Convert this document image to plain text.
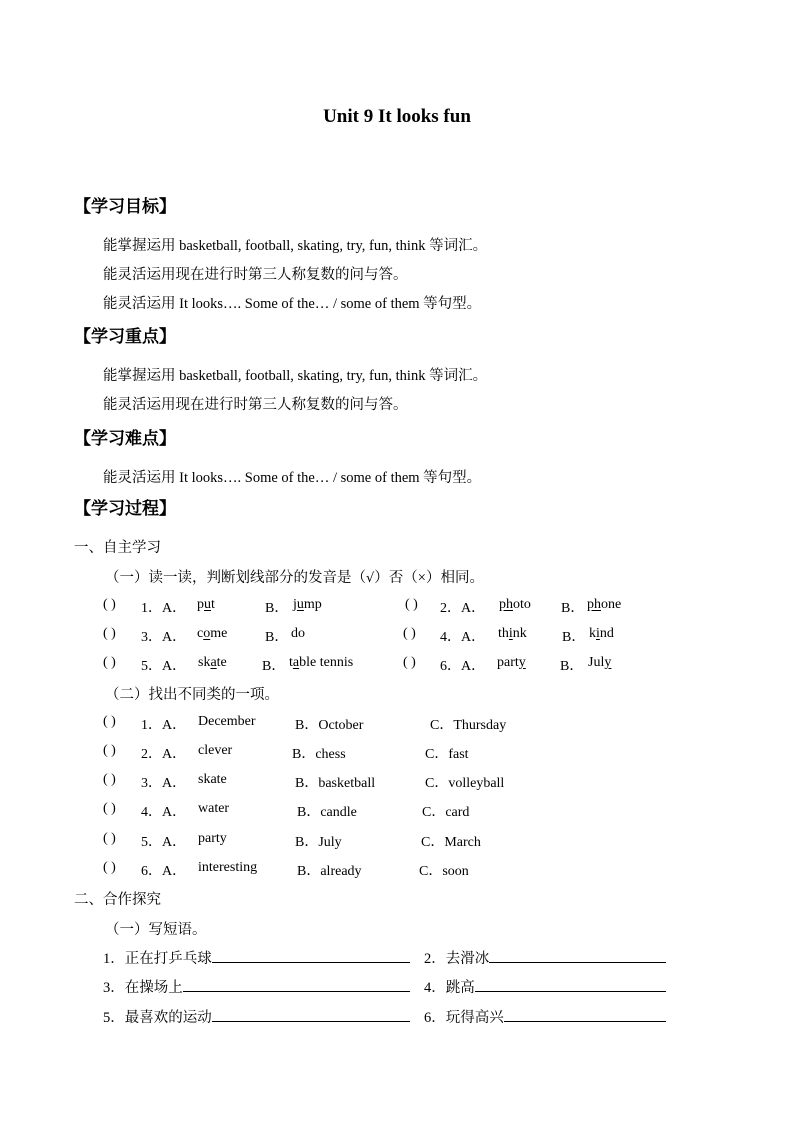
Unit 9 It looks fun
【学习目标】
能掌握运用 basketball, football, skating, try, fun, think 等词汇。
能灵活运用现在进行时第三人称复数的问与答。
能灵活运用 It looks…. Some of the… / some of them 等句型。
【学习重点】
能掌握运用 basketball, football, skating, try, fun, think 等词汇。
能灵活运用现在进行时第三人称复数的问与答。
【学习难点】
能灵活运用 It looks…. Some of the… / some of them 等句型。
【学习过程】
一、自主学习
（一）读一读，判断划线部分的发音是（√）否（×）相同。
( ) 1．A． put	B． jump	( ) 2．A． photo B． phone
( ) 3．A． come	B． do	( ) 4．A． think	B． kind
( ) 5．A． skate	B． table tennis	( ) 6．A． party B． July
（二）找出不同类的一项。
( ) 1．A． December	B．October	C．Thursday
( ) 2．A． clever	B．chess	C．fast
( ) 3．A． skate	B．basketball	C．volleyball
( ) 4．A． water	B．candle	C．card
( ) 5．A． party	B．July	C．March
( ) 6．A． interesting	B．already	C．soon
二、合作探究
（一）写短语。
1．正在打乒乓球	2．去滑冰
3．在操场上	4．跳高
5．最喜欢的运动	6．玩得高兴
